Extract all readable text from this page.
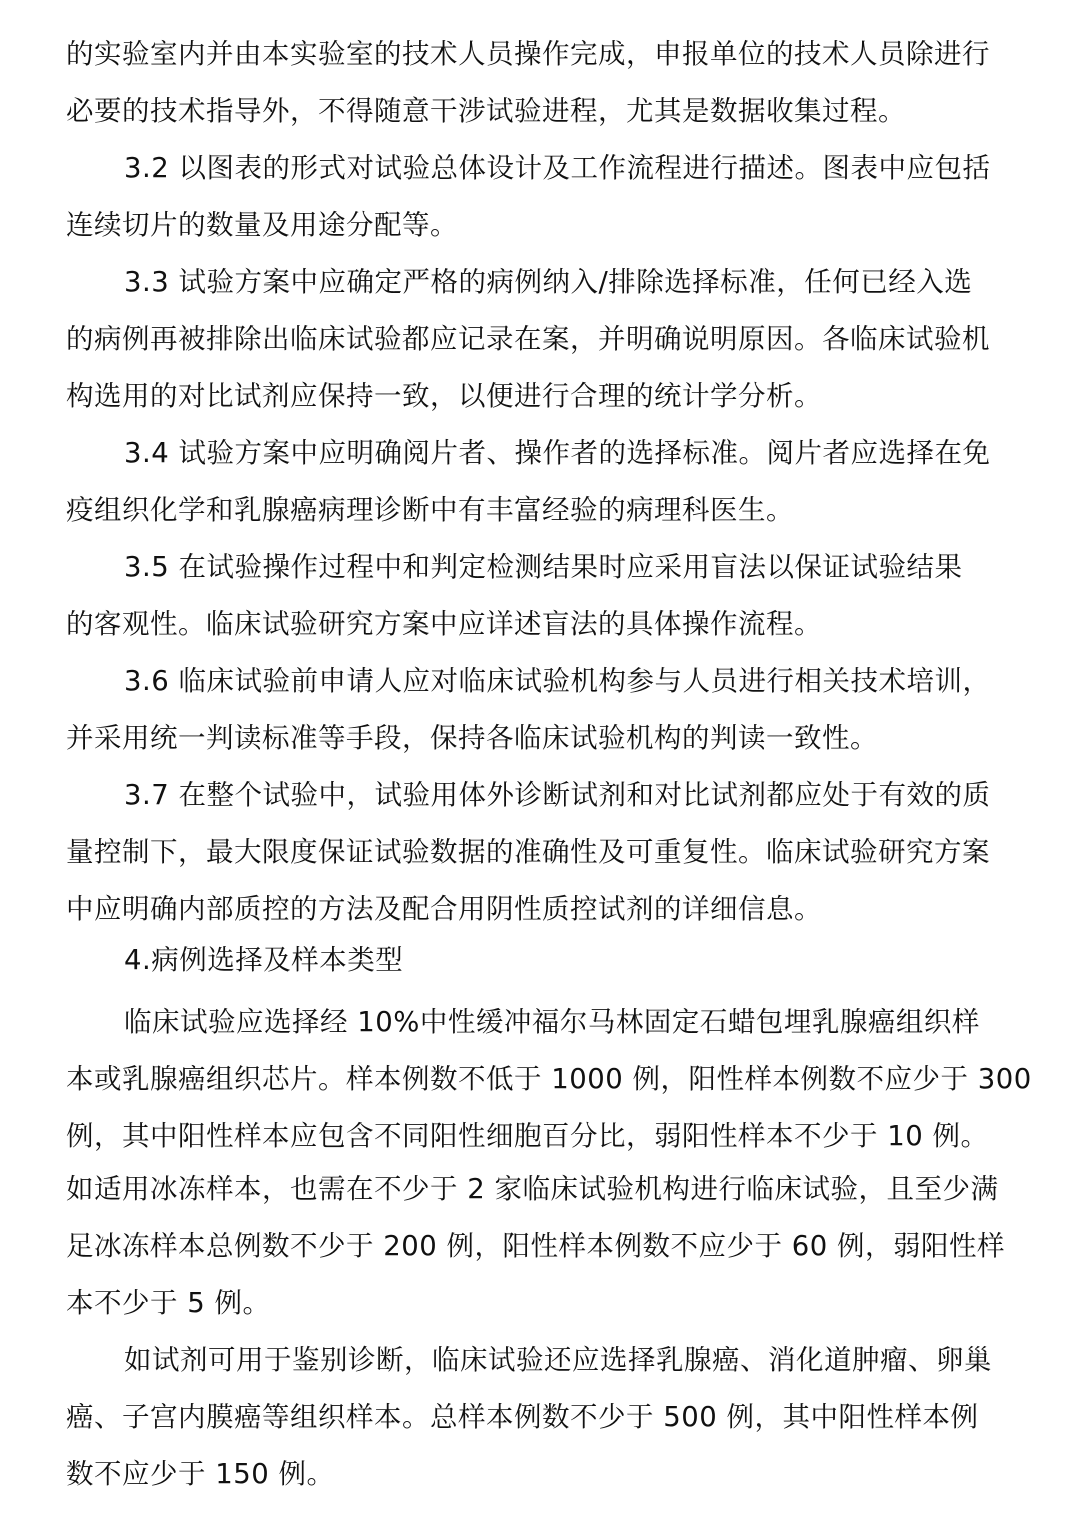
的实验室内并由本实验室的技术人员操作完成，申报单位的技术人员除进行
必要的技术指导外，不得随意干涉试验进程，尤其是数据收集过程。
3.2 以图表的形式对试验总体设计及工作流程进行描述。图表中应包括
连续切片的数量及用途分配等。
3.3 试验方案中应确定严格的病例纳入/排除选择标准，任何已经入选
的病例再被排除出临床试验都应记录在案，并明确说明原因。各临床试验机
构选用的对比试剂应保持一致，以便进行合理的统计学分析。
3.4 试验方案中应明确阅片者、操作者的选择标准。阅片者应选择在免
疫组织化学和乳腺癌病理诊断中有丰富经验的病理科医生。
3.5 在试验操作过程中和判定检测结果时应采用盲法以保证试验结果
的客观性。临床试验研究方案中应详述盲法的具体操作流程。
3.6 临床试验前申请人应对临床试验机构参与人员进行相关技术培训，
并采用统一判读标准等手段，保持各临床试验机构的判读一致性。
3.7 在整个试验中，试验用体外诊断试剂和对比试剂都应处于有效的质
量控制下，最大限度保证试验数据的准确性及可重复性。临床试验研究方案
中应明确内部质控的方法及配合用阴性质控试剂的详细信息。
4.病例选择及样本类型
临床试验应选择经 10%中性缓冲福尔马林固定石蜡包埋乳腺癌组织样
本或乳腺癌组织芯片。样本例数不低于 1000 例，阳性样本例数不应少于 300
例，其中阳性样本应包含不同阳性细胞百分比，弱阳性样本不少于 10 例。
如适用冰冻样本，也需在不少于 2 家临床试验机构进行临床试验，且至少满
足冰冻样本总例数不少于 200 例，阳性样本例数不应少于 60 例，弱阳性样
本不少于 5 例。
如试剂可用于鉴别诊断，临床试验还应选择乳腺癌、消化道肿瘤、卵巢
癌、子宫内膜癌等组织样本。总样本例数不少于 500 例，其中阳性样本例
数不应少于 150 例。
